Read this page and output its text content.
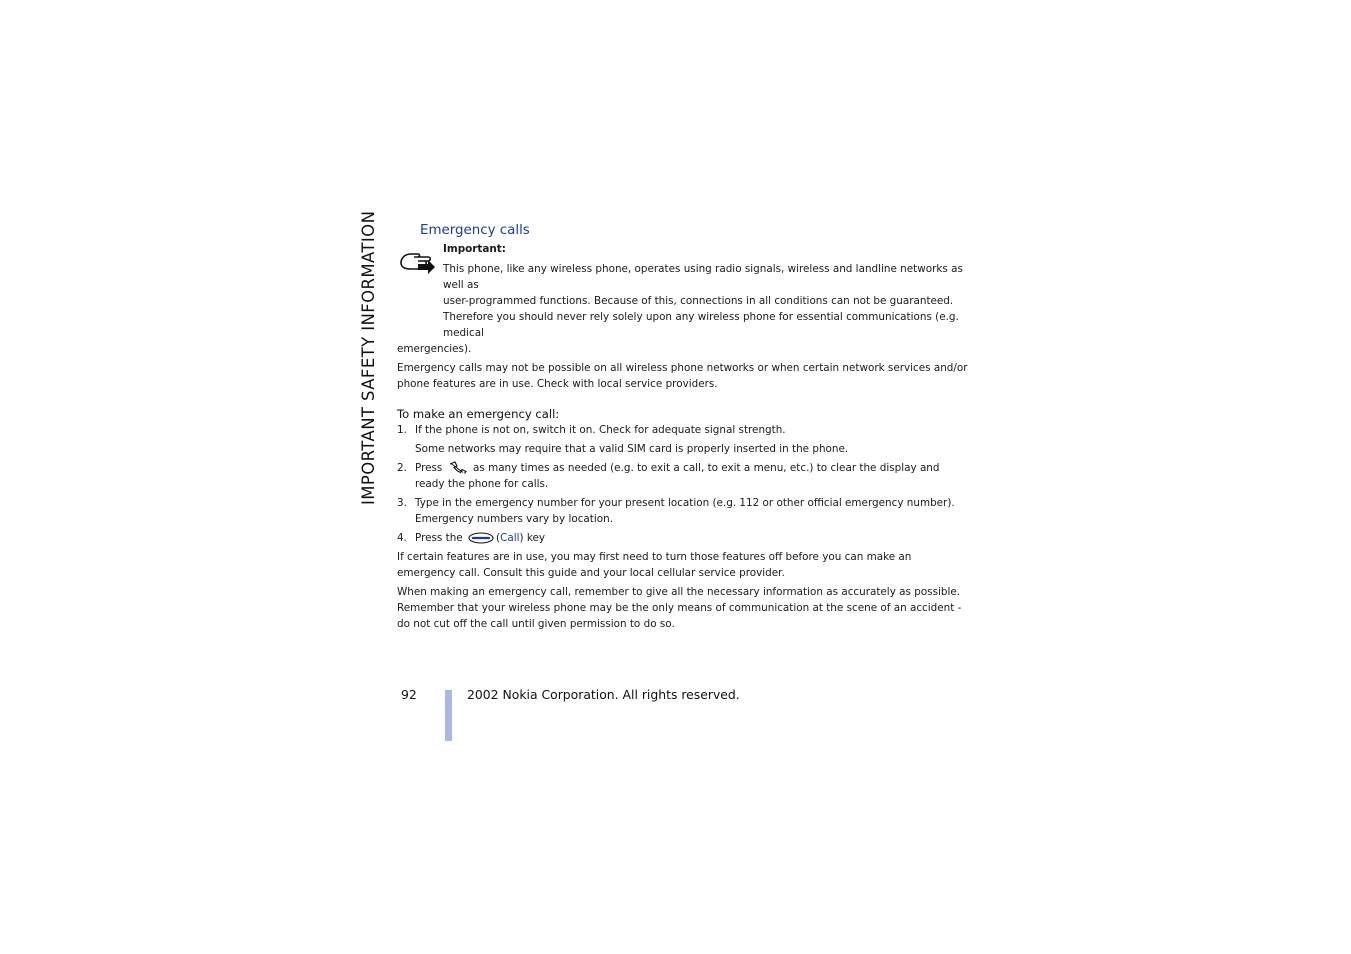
IMPORTANT SAFETY INFORMATION	Emergency calls
Important:
This phone, like any wireless phone, operates using radio signals, wireless and landline networks as well as
user-programmed functions. Because of this, connections in all conditions can not be guaranteed.
Therefore you should never rely solely upon any wireless phone for essential communications (e.g. medical
emergencies).
Emergency calls may not be possible on all wireless phone networks or when certain network services and/or phone features are in use. Check with local service providers.
To make an emergency call:
1. If the phone is not on, switch it on. Check for adequate signal strength.
Some networks may require that a valid SIM card is properly inserted in the phone.
2. Press	as many times as needed (e.g. to exit a call, to exit a menu, etc.) to clear the display and ready the phone for calls.
3. Type in the emergency number for your present location (e.g. 112 or other official emergency number). Emergency numbers vary by location.
4. Press the	(Call) key
If certain features are in use, you may first need to turn those features off before you can make an emergency call. Consult this guide and your local cellular service provider.
When making an emergency call, remember to give all the necessary information as accurately as possible. Remember that your wireless phone may be the only means of communication at the scene of an accident - do not cut off the call until given permission to do so.
92	2002 Nokia Corporation. All rights reserved.
